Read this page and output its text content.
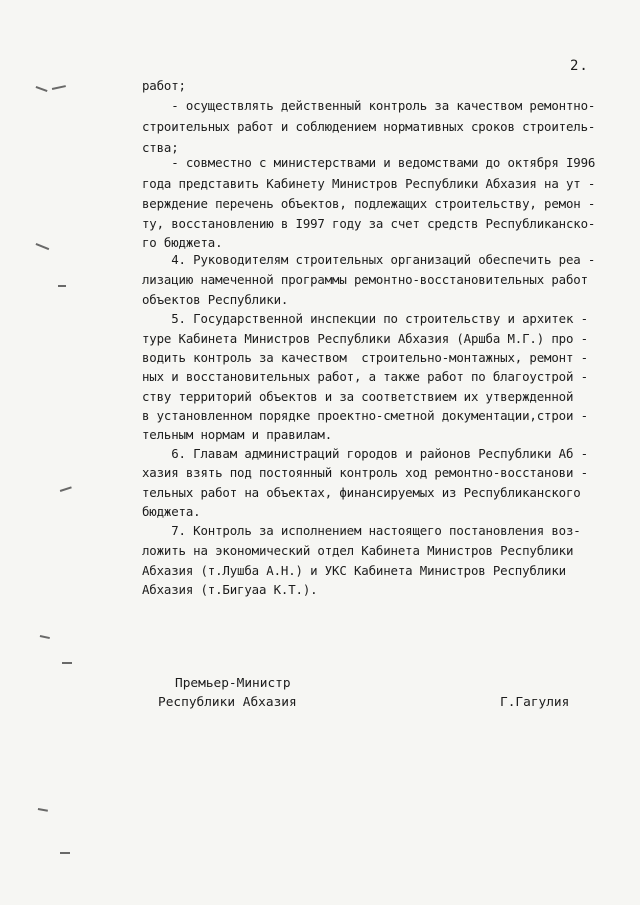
2.
работ;
- осуществлять действенный контроль за качеством ремонтно-
строительных работ и соблюдением нормативных сроков строитель-
ства;
- совместно с министерствами и ведомствами до октября I996
года представить Кабинету Министров Республики Абхазия на ут -
верждение перечень объектов, подлежащих строительству, ремон -
ту, восстановлению в I997 году за счет средств Республиканско-
го бюджета.
4. Руководителям строительных организаций обеспечить реа -
лизацию намеченной программы ремонтно-восстановительных работ
объектов Республики.
5. Государственной инспекции по строительству и архитек -
туре Кабинета Министров Республики Абхазия (Аршба М.Г.) про -
водить контроль за качеством  строительно-монтажных, ремонт -
ных и восстановительных работ, а также работ по благоустрой -
ству территорий объектов и за соответствием их утвержденной
в установленном порядке проектно-сметной документации,строи -
тельным нормам и правилам.
6. Главам администраций городов и районов Республики Аб -
хазия взять под постоянный контроль ход ремонтно-восстанови -
тельных работ на объектах, финансируемых из Республиканского
бюджета.
7. Контроль за исполнением настоящего постановления воз-
ложить на экономический отдел Кабинета Министров Республики
Абхазия (т.Лушба А.Н.) и УКС Кабинета Министров Республики
Абхазия (т.Бигуаа К.Т.).
Премьер-Министр
Республики Абхазия	Г.Гагулия
